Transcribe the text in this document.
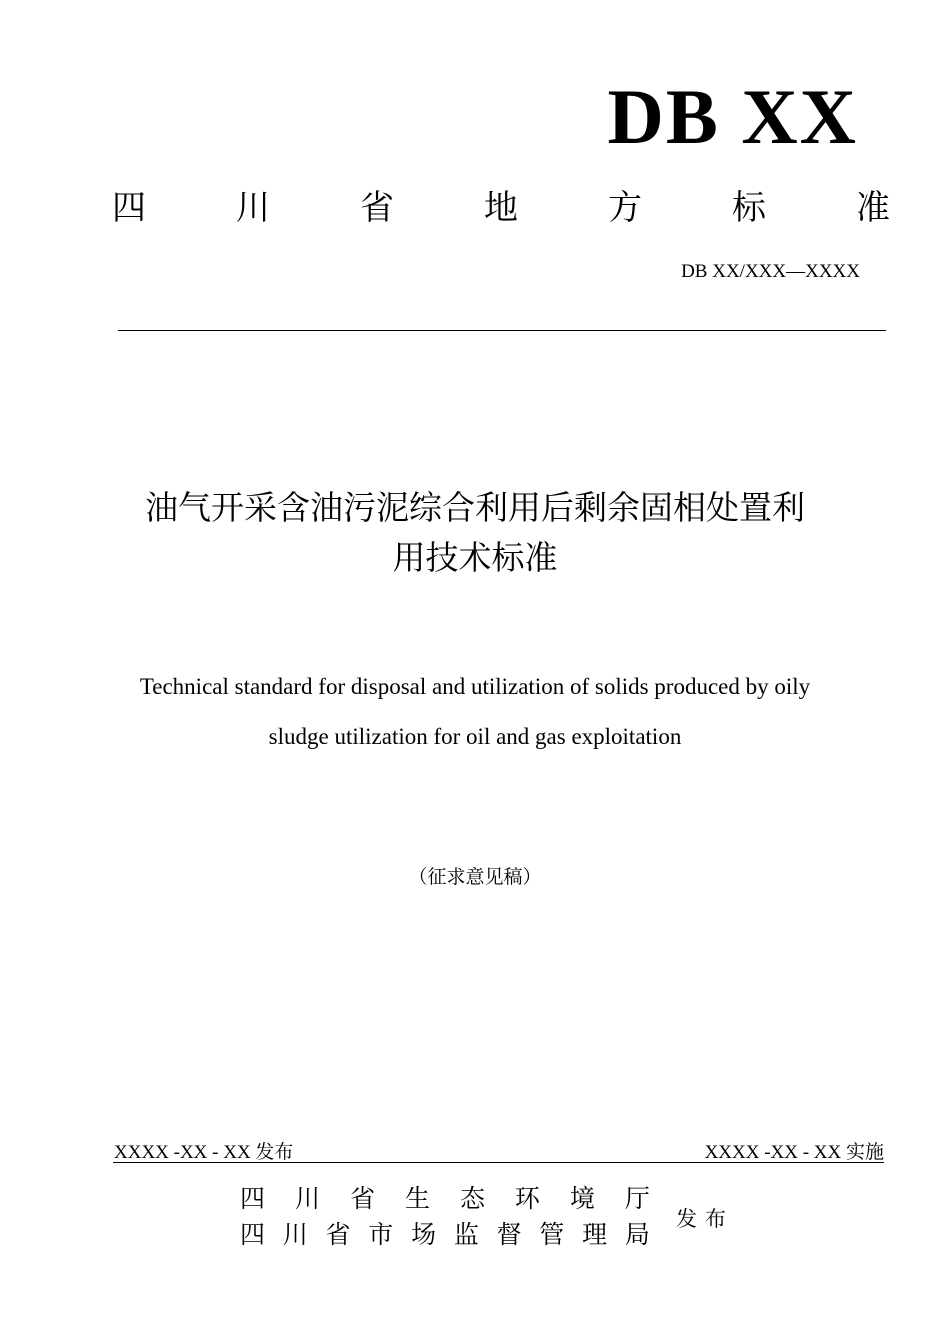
DB XX
四	川	省	地	方	标	准
DB XX/XXX—XXXX
油气开采含油污泥综合利用后剩余固相处置利
用技术标准
Technical standard for disposal and utilization of solids produced by oily
sludge utilization for oil and gas exploitation
（征求意见稿）
XXXX -XX - XX 发布	XXXX -XX - XX 实施
四 川 省 生 态 环 境 厅
四 川 省 市 场 监 督 管 理 局
发布
